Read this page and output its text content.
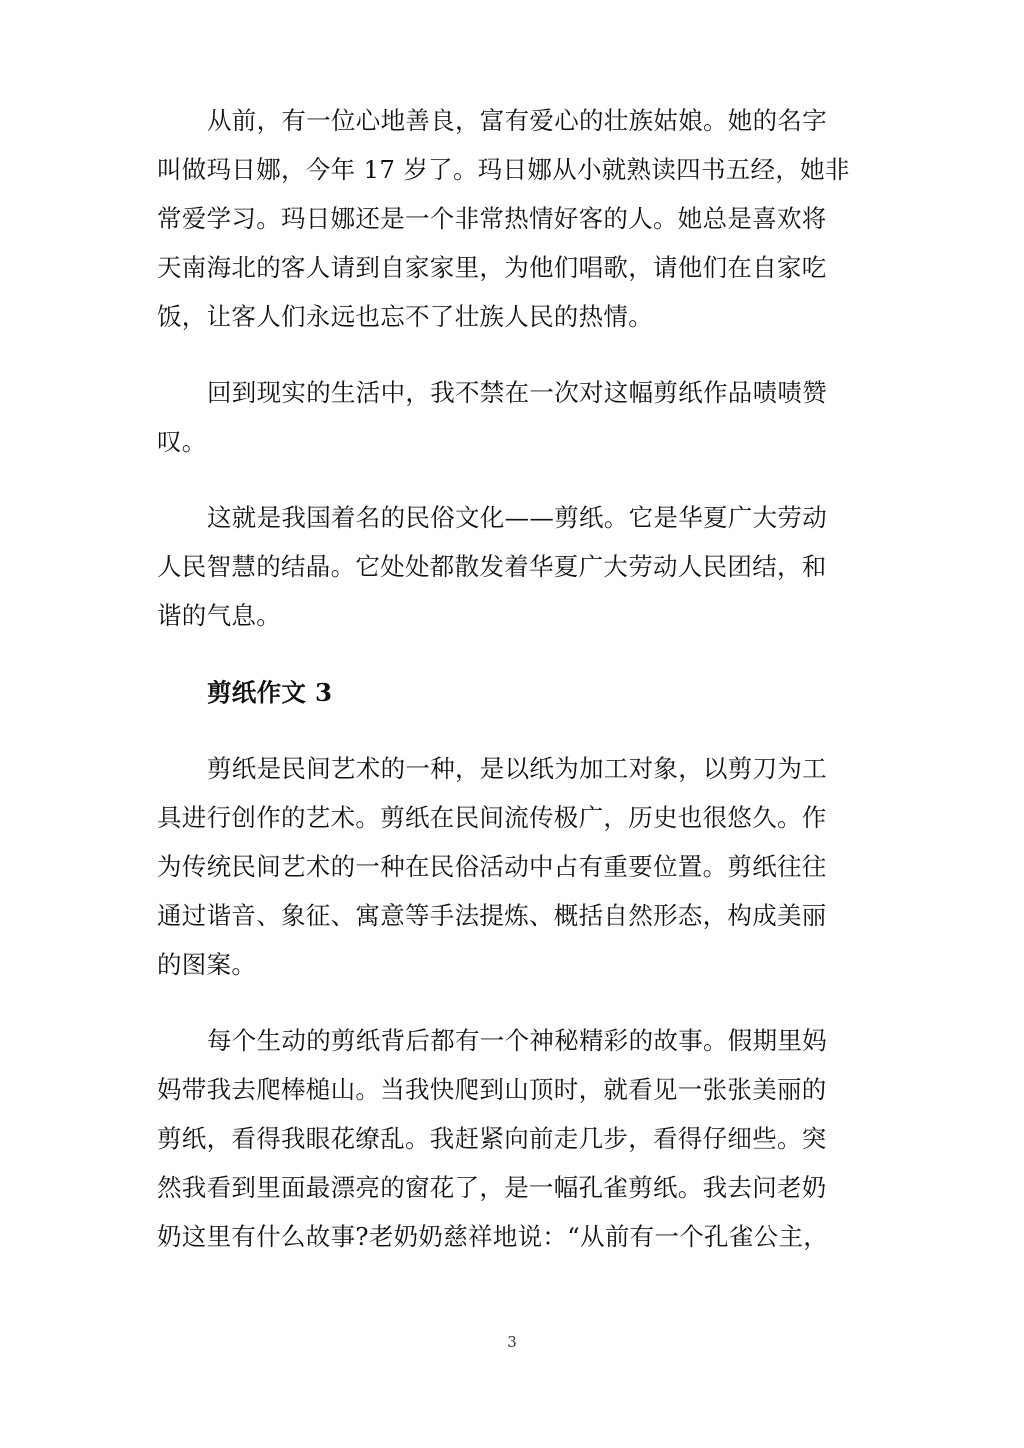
从前，有一位心地善良，富有爱心的壮族姑娘。她的名字
叫做玛日娜，今年 17 岁了。玛日娜从小就熟读四书五经，她非
常爱学习。玛日娜还是一个非常热情好客的人。她总是喜欢将
天南海北的客人请到自家家里，为他们唱歌，请他们在自家吃
饭，让客人们永远也忘不了壮族人民的热情。
回到现实的生活中，我不禁在一次对这幅剪纸作品啧啧赞
叹。
这就是我国着名的民俗文化——剪纸。它是华夏广大劳动
人民智慧的结晶。它处处都散发着华夏广大劳动人民团结，和
谐的气息。
剪纸作文 3
剪纸是民间艺术的一种，是以纸为加工对象，以剪刀为工
具进行创作的艺术。剪纸在民间流传极广，历史也很悠久。作
为传统民间艺术的一种在民俗活动中占有重要位置。剪纸往往
通过谐音、象征、寓意等手法提炼、概括自然形态，构成美丽
的图案。
每个生动的剪纸背后都有一个神秘精彩的故事。假期里妈
妈带我去爬棒槌山。当我快爬到山顶时，就看见一张张美丽的
剪纸，看得我眼花缭乱。我赶紧向前走几步，看得仔细些。突
然我看到里面最漂亮的窗花了，是一幅孔雀剪纸。我去问老奶
奶这里有什么故事?老奶奶慈祥地说：“从前有一个孔雀公主，
3
